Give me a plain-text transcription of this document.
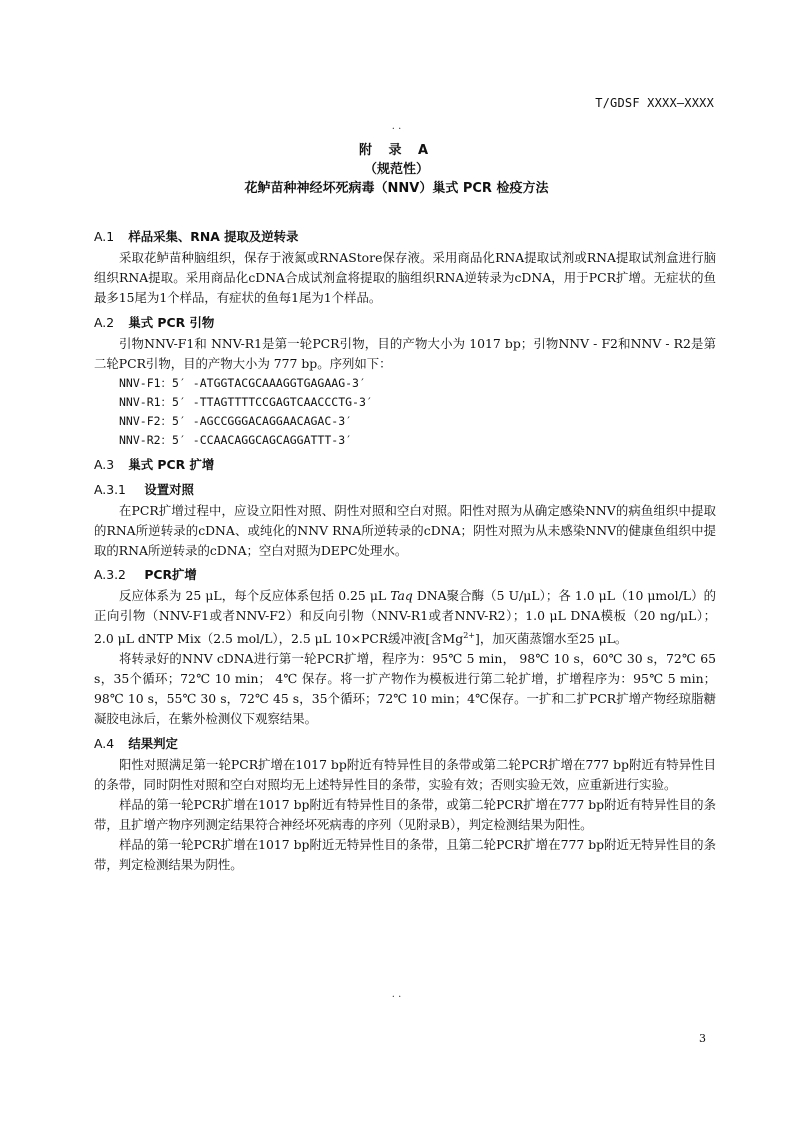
T/GDSF XXXX—XXXX
. .
附 录 A
（规范性）
花鲈苗种神经坏死病毒（NNV）巢式 PCR 检疫方法
A.1 样品采集、RNA 提取及逆转录

采取花鲈苗种脑组织，保存于液氮或RNAStore保存液。采用商品化RNA提取试剂或RNA提取试剂盒进行脑组织RNA提取。采用商品化cDNA合成试剂盒将提取的脑组织RNA逆转录为cDNA，用于PCR扩增。无症状的鱼最多15尾为1个样品，有症状的鱼每1尾为1个样品。

A.2 巢式 PCR 引物

引物NNV-F1和 NNV-R1是第一轮PCR引物，目的产物大小为 1017 bp；引物NNV - F2和NNV - R2是第二轮PCR引物，目的产物大小为 777 bp。序列如下：

NNV-F1：5′ -ATGGTACGCAAAGGTGAGAAG-3′
NNV-R1：5′ -TTAGTTTTCCGAGTCAACCCTG-3′
NNV-F2：5′ -AGCCGGGACAGGAACAGAC-3′
NNV-R2：5′ -CCAACAGGCAGCAGGATTT-3′
A.3 巢式 PCR 扩增
A.3.1 设置对照

在PCR扩增过程中，应设立阳性对照、阴性对照和空白对照。阳性对照为从确定感染NNV的病鱼组织中提取的RNA所逆转录的cDNA、或纯化的NNV RNA所逆转录的cDNA；阴性对照为从未感染NNV的健康鱼组织中提取的RNA所逆转录的cDNA；空白对照为DEPC处理水。

A.3.2 PCR扩增

反应体系为 25 μL，每个反应体系包括 0.25 μL Taq DNA聚合酶（5 U/μL）；各 1.0 μL（10 μmol/L）的正向引物（NNV-F1或者NNV-F2）和反向引物（NNV-R1或者NNV-R2）；1.0 μL DNA模板（20 ng/μL）；2.0 μL dNTP Mix（2.5 mol/L），2.5 μL 10×PCR缓冲液[含$Mg^{2+}$]，加灭菌蒸馏水至25 μL。

将转录好的NNV cDNA进行第一轮PCR扩增，程序为：95℃ 5 min， 98℃ 10 s，60℃ 30 s，72℃ 65 s，35个循环；72℃ 10 min； 4℃ 保存。将一扩产物作为模板进行第二轮扩增，扩增程序为：95℃ 5 min；98℃ 10 s，55℃ 30 s，72℃ 45 s，35个循环；72℃ 10 min；4℃保存。一扩和二扩PCR扩增产物经琼脂糖凝胶电泳后，在紫外检测仪下观察结果。

A.4 结果判定

阳性对照满足第一轮PCR扩增在1017 bp附近有特异性目的条带或第二轮PCR扩增在777 bp附近有特异性目的条带，同时阴性对照和空白对照均无上述特异性目的条带，实验有效；否则实验无效，应重新进行实验。

样品的第一轮PCR扩增在1017 bp附近有特异性目的条带，或第二轮PCR扩增在777 bp附近有特异性目的条带，且扩增产物序列测定结果符合神经坏死病毒的序列（见附录B），判定检测结果为阳性。

样品的第一轮PCR扩增在1017 bp附近无特异性目的条带，且第二轮PCR扩增在777 bp附近无特异性目的条带，判定检测结果为阴性。

. .
3
